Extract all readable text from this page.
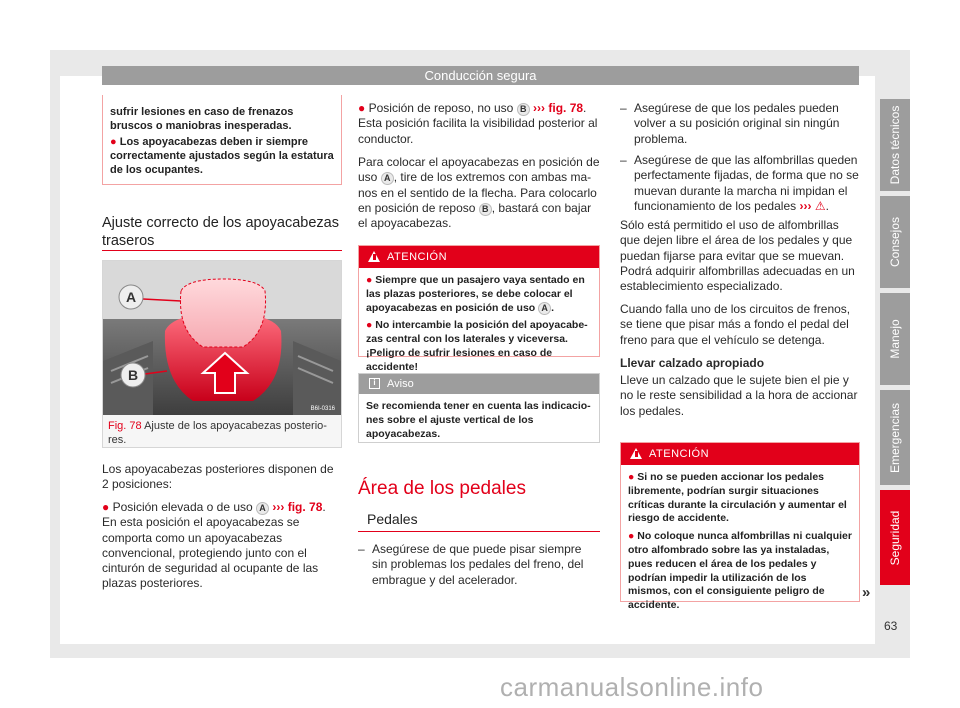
Conducción segura

sufrir lesiones en caso de frenazos bruscos o maniobras inesperadas.

● Los apoyacabezas deben ir siempre correctamente ajustados según la estatura de los ocupantes.

Ajuste correcto de los apoyacabezas traseros
A
B
B6I-0316
Fig. 78 Ajuste de los apoyacabezas posteriores.
Los apoyacabezas posteriores disponen de 2 posiciones:
● Posición elevada o de uso A ››› fig. 78. En esta posición el apoyacabezas se comporta como un apoyacabezas convencional, protegiendo junto con el cinturón de seguridad al ocupante de las plazas posteriores.
● Posición de reposo, no uso B ››› fig. 78. Esta posición facilita la visibilidad posterior al conductor.
Para colocar el apoyacabezas en posición de uso A , tire de los extremos con ambas manos en el sentido de la flecha. Para colocarlo en posición de reposo B , bastará con bajar el apoyacabezas.
ATENCIÓN

● Siempre que un pasajero vaya sentado en las plazas posteriores, se debe colocar el apoyacabezas en posición de uso A .

● No intercambie la posición del apoyacabezas central con los laterales y viceversa. ¡Peligro de sufrir lesiones en caso de accidente!

i	Aviso
Se recomienda tener en cuenta las indicaciones sobre el ajuste vertical de los apoyacabezas.
Área de los pedales
Pedales
– Asegúrese de que puede pisar siempre sin problemas los pedales del freno, del embrague y del acelerador.
– Asegúrese de que los pedales pueden volver a su posición original sin ningún problema.
– Asegúrese de que las alfombrillas queden perfectamente fijadas, de forma que no se muevan durante la marcha ni impidan el funcionamiento de los pedales ››› ⚠.
Sólo está permitido el uso de alfombrillas que dejen libre el área de los pedales y que puedan fijarse para evitar que se muevan. Podrá adquirir alfombrillas adecuadas en un establecimiento especializado.
Cuando falla uno de los circuitos de frenos, se tiene que pisar más a fondo el pedal del freno para que el vehículo se detenga.
Llevar calzado apropiado
Lleve un calzado que le sujete bien el pie y no le reste sensibilidad a la hora de accionar los pedales.
ATENCIÓN

● Si no se pueden accionar los pedales libremente, podrían surgir situaciones críticas durante la circulación y aumentar el riesgo de accidente.

● No coloque nunca alfombrillas ni cualquier otro alfombrado sobre las ya instaladas, pues reducen el área de los pedales y podrían impedir la utilización de los mismos, con el consiguiente peligro de accidente.

»
Datos técnicos
Consejos
Manejo
Emergencias
Seguridad
63
carmanualsonline.info
